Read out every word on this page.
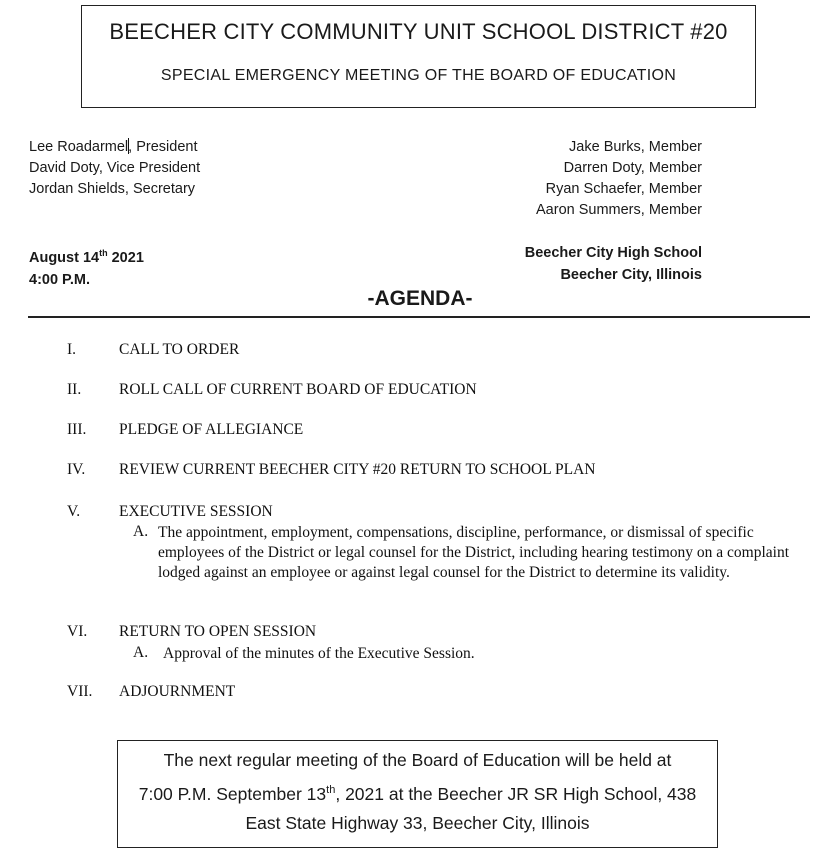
BEECHER CITY COMMUNITY UNIT SCHOOL DISTRICT #20
SPECIAL EMERGENCY MEETING OF THE BOARD OF EDUCATION
Lee Roadarmel, President
David Doty, Vice President
Jordan Shields, Secretary
Jake Burks, Member
Darren Doty, Member
Ryan Schaefer, Member
Aaron Summers, Member
August 14th 2021
4:00 P.M.
Beecher City High School
Beecher City, Illinois
-AGENDA-
I.	CALL TO ORDER
II. ROLL CALL OF CURRENT BOARD OF EDUCATION
III. PLEDGE OF ALLEGIANCE
IV. REVIEW CURRENT BEECHER CITY #20 RETURN TO SCHOOL PLAN
V.	EXECUTIVE SESSION
A. The appointment, employment, compensations, discipline, performance, or dismissal of specific employees of the District or legal counsel for the District, including hearing testimony on a complaint lodged against an employee or against legal counsel for the District to determine its validity.
VI. RETURN TO OPEN SESSION
A. Approval of the minutes of the Executive Session.
VII. ADJOURNMENT
The next regular meeting of the Board of Education will be held at
7:00 P.M. September 13th, 2021 at the Beecher JR SR High School, 438
East State Highway 33, Beecher City, Illinois
